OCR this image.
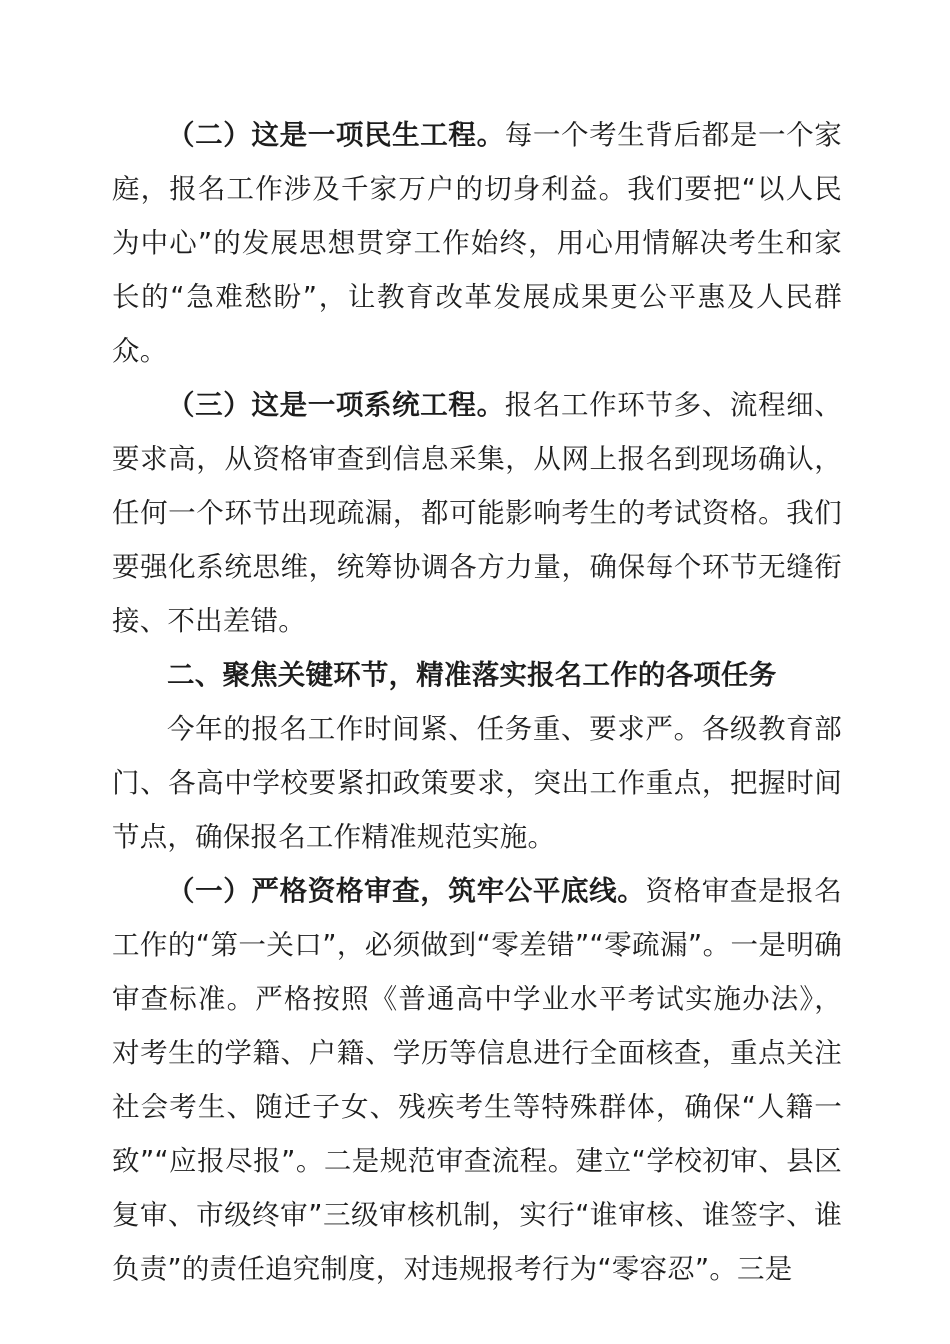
（二）这是一项民生工程。每一个考生背后都是一个家庭，报名工作涉及千家万户的切身利益。我们要把“以人民为中心”的发展思想贯穿工作始终，用心用情解决考生和家长的“急难愁盼”，让教育改革发展成果更公平惠及人民群众。

（三）这是一项系统工程。报名工作环节多、流程细、要求高，从资格审查到信息采集，从网上报名到现场确认，任何一个环节出现疏漏，都可能影响考生的考试资格。我们要强化系统思维，统筹协调各方力量，确保每个环节无缝衔接、不出差错。

二、聚焦关键环节，精准落实报名工作的各项任务

今年的报名工作时间紧、任务重、要求严。各级教育部门、各高中学校要紧扣政策要求，突出工作重点，把握时间节点，确保报名工作精准规范实施。

（一）严格资格审查，筑牢公平底线。资格审查是报名工作的“第一关口”，必须做到“零差错”“零疏漏”。一是明确审查标准。严格按照《普通高中学业水平考试实施办法》，对考生的学籍、户籍、学历等信息进行全面核查，重点关注社会考生、随迁子女、残疾考生等特殊群体，确保“人籍一致”“应报尽报”。二是规范审查流程。建立“学校初审、县区复审、市级终审”三级审核机制，实行“谁审核、谁签字、谁负责”的责任追究制度，对违规报考行为“零容忍”。三是
